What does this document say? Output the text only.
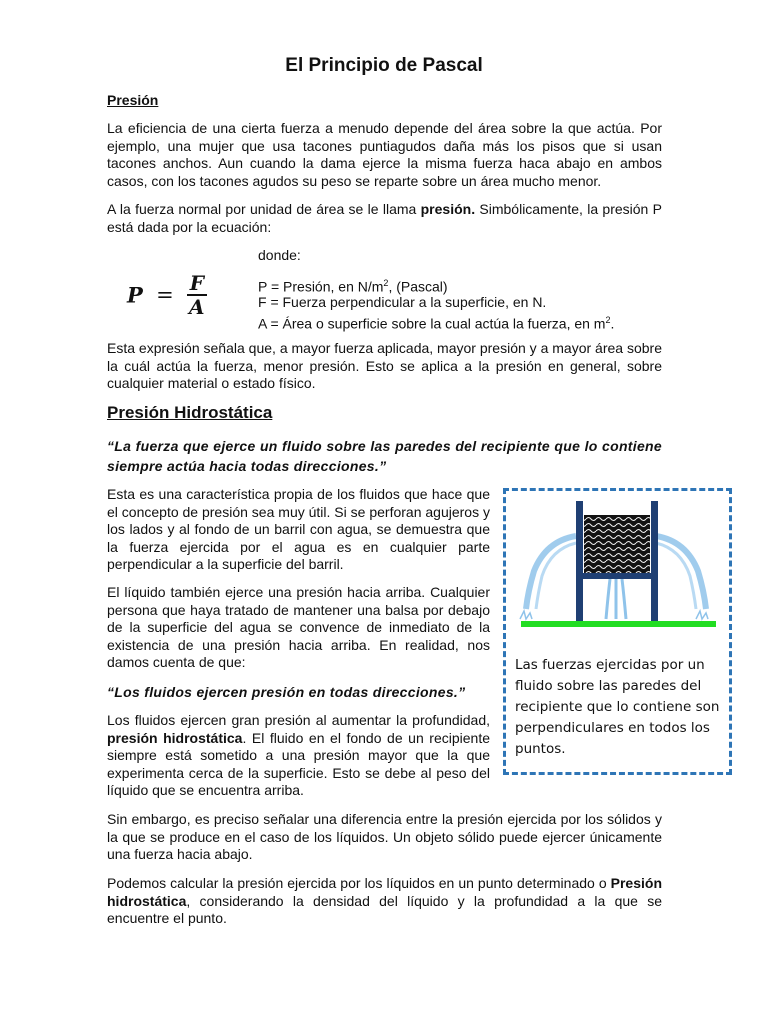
El Principio de Pascal
Presión

La eficiencia de una cierta fuerza a menudo depende del área sobre la que actúa. Por ejemplo, una mujer que usa tacones puntiagudos daña más los pisos que si usan tacones anchos. Aun cuando la dama ejerce la misma fuerza haca abajo en ambos casos, con los tacones agudos su peso se reparte sobre un área mucho menor.

A la fuerza normal por unidad de área se le llama presión. Simbólicamente, la presión P está dada por la ecuación:

$P = \frac{F}{A}$
donde:
P = Presión, en $N/m^2$, (Pascal)
F = Fuerza perpendicular a la superficie, en N.
A = Área o superficie sobre la cual actúa la fuerza, en $m^2$.

Esta expresión señala que, a mayor fuerza aplicada, mayor presión y a mayor área sobre la cuál actúa la fuerza, menor presión. Esto se aplica a la presión en general, sobre cualquier material o estado físico.

Presión Hidrostática
“La fuerza que ejerce un fluido sobre las paredes del recipiente que lo contiene siempre actúa hacia todas direcciones.”

Esta es una característica propia de los fluidos que hace que el concepto de presión sea muy útil. Si se perforan agujeros y los lados y al fondo de un barril con agua, se demuestra que la fuerza ejercida por el agua es en cualquier parte perpendicular a la superficie del barril.

El líquido también ejerce una presión hacia arriba. Cualquier persona que haya tratado de mantener una balsa por debajo de la superficie del agua se convence de inmediato de la existencia de una presión hacia arriba. En realidad, nos damos cuenta de que:

“Los fluidos ejercen presión en todas direcciones.”

Los fluidos ejercen gran presión al aumentar la profundidad, presión hidrostática. El fluido en el fondo de un recipiente siempre está sometido a una presión mayor que la que experimenta cerca de la superficie. Esto se debe al peso del líquido que se encuentra arriba.

Las fuerzas ejercidas por un fluido sobre las paredes del recipiente que lo contiene son perpendiculares en todos los puntos.

Sin embargo, es preciso señalar una diferencia entre la presión ejercida por los sólidos y la que se produce en el caso de los líquidos. Un objeto sólido puede ejercer únicamente una fuerza hacia abajo.

Podemos calcular la presión ejercida por los líquidos en un punto determinado o Presión hidrostática, considerando la densidad del líquido y la profundidad a la que se encuentre el punto.
